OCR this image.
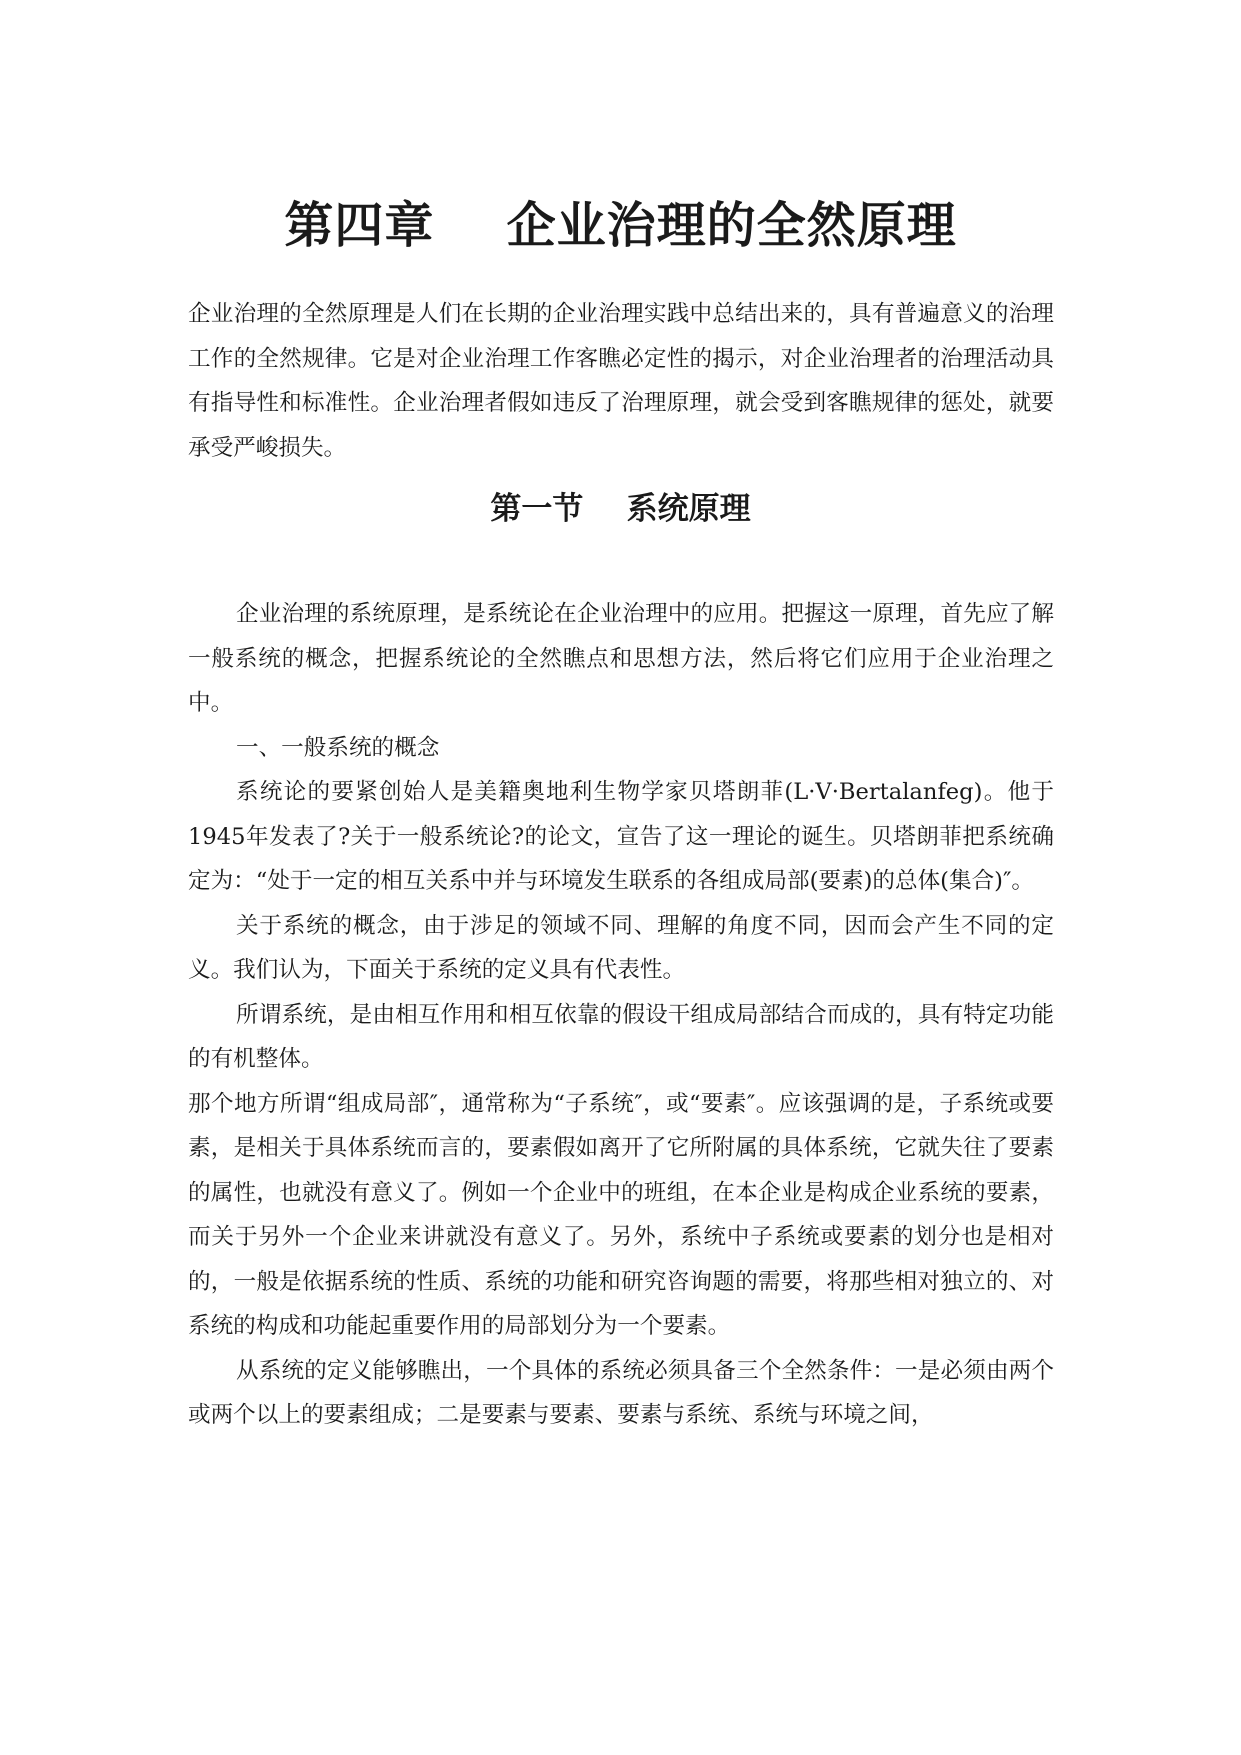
第四章    企业治理的全然原理

企业治理的全然原理是人们在长期的企业治理实践中总结出来的，具有普遍意义的治理工作的全然规律。它是对企业治理工作客瞧必定性的揭示，对企业治理者的治理活动具有指导性和标准性。企业治理者假如违反了治理原理，就会受到客瞧规律的惩处，就要承受严峻损失。

第一节    系统原理

企业治理的系统原理，是系统论在企业治理中的应用。把握这一原理，首先应了解一般系统的概念，把握系统论的全然瞧点和思想方法，然后将它们应用于企业治理之中。

一、一般系统的概念

系统论的要紧创始人是美籍奥地利生物学家贝塔朗菲(L·V·Bertalanfeg)。他于1945年发表了?关于一般系统论?的论文，宣告了这一理论的诞生。贝塔朗菲把系统确定为：“处于一定的相互关系中并与环境发生联系的各组成局部(要素)的总体(集合)″。

关于系统的概念，由于涉足的领域不同、理解的角度不同，因而会产生不同的定义。我们认为，下面关于系统的定义具有代表性。

所谓系统，是由相互作用和相互依靠的假设干组成局部结合而成的，具有特定功能的有机整体。

那个地方所谓“组成局部″，通常称为“子系统″，或“要素″。应该强调的是，子系统或要素，是相关于具体系统而言的，要素假如离开了它所附属的具体系统，它就失往了要素的属性，也就没有意义了。例如一个企业中的班组，在本企业是构成企业系统的要素，而关于另外一个企业来讲就没有意义了。另外，系统中子系统或要素的划分也是相对的，一般是依据系统的性质、系统的功能和研究咨询题的需要，将那些相对独立的、对系统的构成和功能起重要作用的局部划分为一个要素。

从系统的定义能够瞧出，一个具体的系统必须具备三个全然条件：一是必须由两个或两个以上的要素组成；二是要素与要素、要素与系统、系统与环境之间，
